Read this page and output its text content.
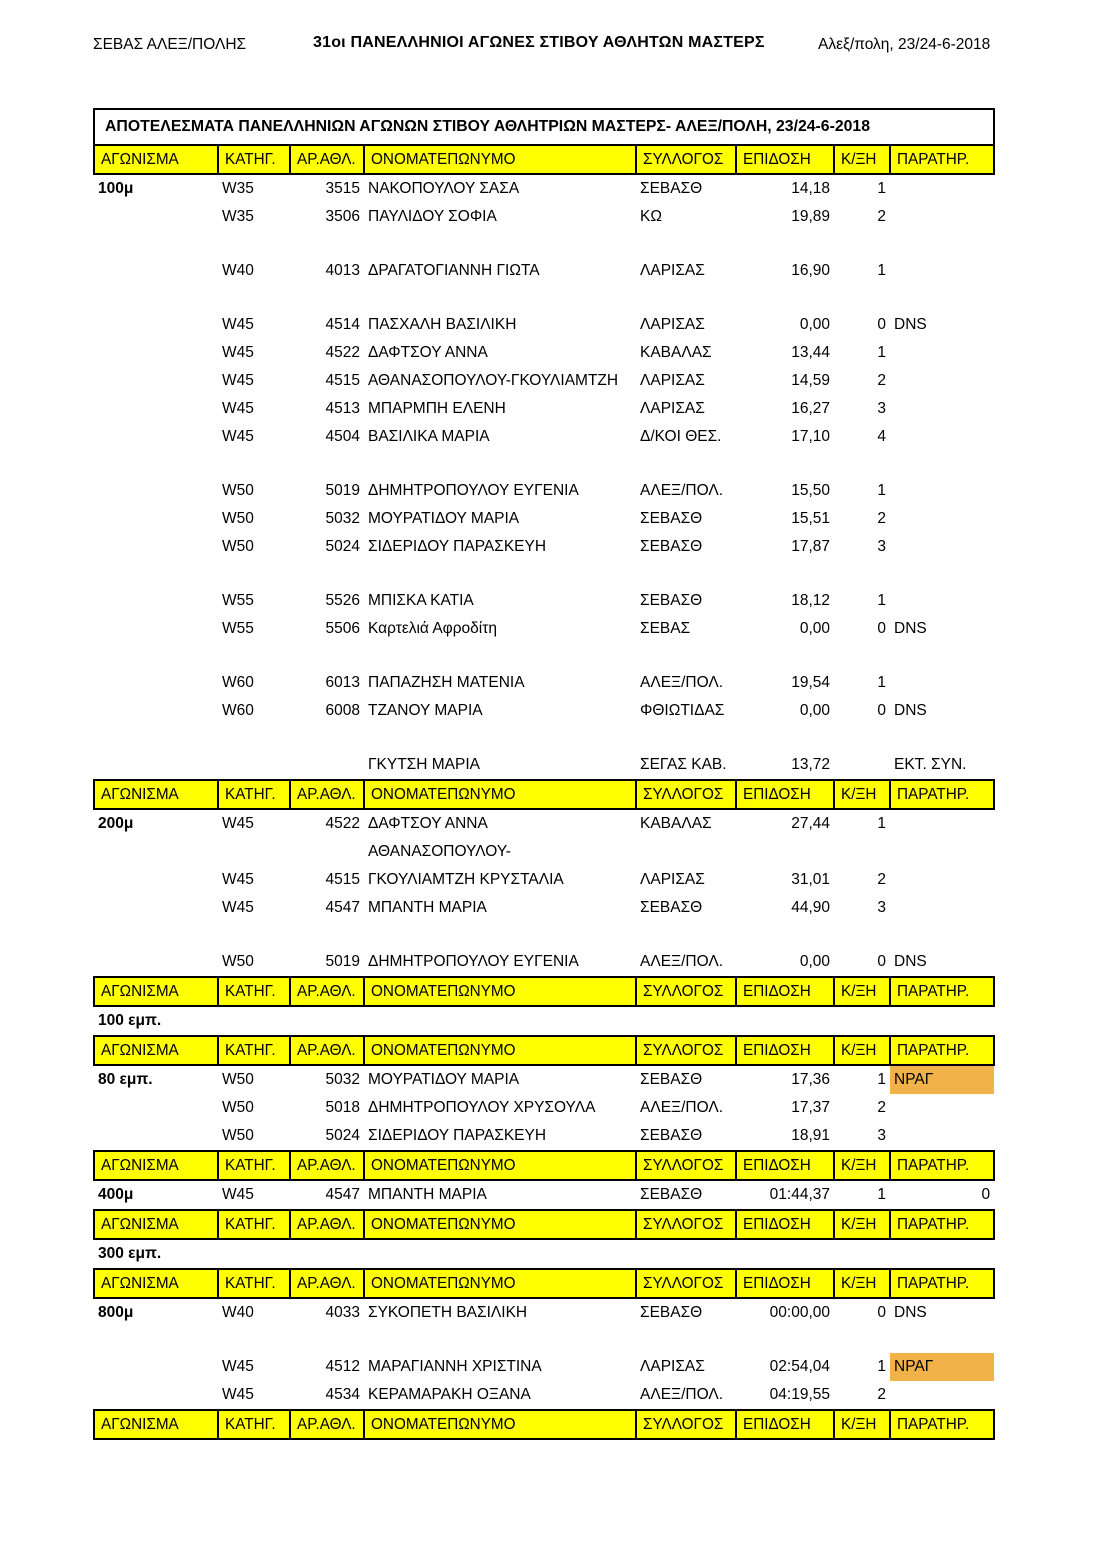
ΣΕΒΑΣ ΑΛΕΞ/ΠΟΛΗΣ	31οι ΠΑΝΕΛΛΗΝΙΟΙ ΑΓΩΝΕΣ ΣΤΙΒΟΥ ΑΘΛΗΤΩΝ ΜΑΣΤΕΡΣ	Αλεξ/πολη, 23/24-6-2018
ΑΠΟΤΕΛΕΣΜΑΤΑ ΠΑΝΕΛΛΗΝΙΩΝ ΑΓΩΝΩΝ ΣΤΙΒΟΥ ΑΘΛΗΤΡΙΩΝ ΜΑΣΤΕΡΣ- ΑΛΕΞ/ΠΟΛΗ, 23/24-6-2018							
ΑΓΩΝΙΣΜΑ	ΚΑΤΗΓ.	ΑΡ.ΑΘΛ.	ΟΝΟΜΑΤΕΠΩΝΥΜΟ	ΣΥΛΛΟΓΟΣ	ΕΠΙΔΟΣΗ	Κ/ΞΗ	ΠΑΡΑΤΗΡ.
100μ	W35	3515	ΝΑΚΟΠΟΥΛΟΥ ΣΑΣΑ	ΣΕΒΑΣΘ	14,18	1	
	W35	3506	ΠΑΥΛΙΔΟΥ ΣΟΦΙΑ	ΚΩ	19,89	2	

	W40	4013	ΔΡΑΓΑΤΟΓΙΑΝΝΗ ΓΙΩΤΑ	ΛΑΡΙΣΑΣ	16,90	1	

	W45	4514	ΠΑΣΧΑΛΗ ΒΑΣΙΛΙΚΗ	ΛΑΡΙΣΑΣ	0,00	0	DNS
	W45	4522	ΔΑΦΤΣΟΥ ΑΝΝΑ	ΚΑΒΑΛΑΣ	13,44	1	
	W45	4515	ΑΘΑΝΑΣΟΠΟΥΛΟΥ-ΓΚΟΥΛΙΑΜΤΖΗ	ΛΑΡΙΣΑΣ	14,59	2	
	W45	4513	ΜΠΑΡΜΠΗ ΕΛΕΝΗ	ΛΑΡΙΣΑΣ	16,27	3	
	W45	4504	ΒΑΣΙΛΙΚΑ ΜΑΡΙΑ	Δ/ΚΟΙ ΘΕΣ.	17,10	4	

	W50	5019	ΔΗΜΗΤΡΟΠΟΥΛΟΥ ΕΥΓΕΝΙΑ	ΑΛΕΞ/ΠΟΛ.	15,50	1	
	W50	5032	ΜΟΥΡΑΤΙΔΟΥ ΜΑΡΙΑ	ΣΕΒΑΣΘ	15,51	2	
	W50	5024	ΣΙΔΕΡΙΔΟΥ ΠΑΡΑΣΚΕΥΗ	ΣΕΒΑΣΘ	17,87	3	

	W55	5526	ΜΠΙΣΚΑ ΚΑΤΙΑ	ΣΕΒΑΣΘ	18,12	1	
	W55	5506	Καρτελιά Αφροδίτη	ΣΕΒΑΣ	0,00	0	DNS

	W60	6013	ΠΑΠΑΖΗΣΗ ΜΑΤΕΝΙΑ	ΑΛΕΞ/ΠΟΛ.	19,54	1	
	W60	6008	ΤΖΑΝΟΥ ΜΑΡΙΑ	ΦΘΙΩΤΙΔΑΣ	0,00	0	DNS

			ΓΚΥΤΣΗ ΜΑΡΙΑ	ΣΕΓΑΣ ΚΑΒ.	13,72		ΕΚΤ. ΣΥΝ.
ΑΓΩΝΙΣΜΑ	ΚΑΤΗΓ.	ΑΡ.ΑΘΛ.	ΟΝΟΜΑΤΕΠΩΝΥΜΟ	ΣΥΛΛΟΓΟΣ	ΕΠΙΔΟΣΗ	Κ/ΞΗ	ΠΑΡΑΤΗΡ.
200μ	W45	4522	ΔΑΦΤΣΟΥ ΑΝΝΑ	ΚΑΒΑΛΑΣ	27,44	1	
			ΑΘΑΝΑΣΟΠΟΥΛΟΥ-				
	W45	4515	ΓΚΟΥΛΙΑΜΤΖΗ ΚΡΥΣΤΑΛΙΑ	ΛΑΡΙΣΑΣ	31,01	2	
	W45	4547	ΜΠΑΝΤΗ ΜΑΡΙΑ	ΣΕΒΑΣΘ	44,90	3	

	W50	5019	ΔΗΜΗΤΡΟΠΟΥΛΟΥ ΕΥΓΕΝΙΑ	ΑΛΕΞ/ΠΟΛ.	0,00	0	DNS
ΑΓΩΝΙΣΜΑ	ΚΑΤΗΓ.	ΑΡ.ΑΘΛ.	ΟΝΟΜΑΤΕΠΩΝΥΜΟ	ΣΥΛΛΟΓΟΣ	ΕΠΙΔΟΣΗ	Κ/ΞΗ	ΠΑΡΑΤΗΡ.
100 εμπ.							
ΑΓΩΝΙΣΜΑ	ΚΑΤΗΓ.	ΑΡ.ΑΘΛ.	ΟΝΟΜΑΤΕΠΩΝΥΜΟ	ΣΥΛΛΟΓΟΣ	ΕΠΙΔΟΣΗ	Κ/ΞΗ	ΠΑΡΑΤΗΡ.
80 εμπ.	W50	5032	ΜΟΥΡΑΤΙΔΟΥ ΜΑΡΙΑ	ΣΕΒΑΣΘ	17,36	1	ΝΡΑΓ
	W50	5018	ΔΗΜΗΤΡΟΠΟΥΛΟΥ ΧΡΥΣΟΥΛΑ	ΑΛΕΞ/ΠΟΛ.	17,37	2	
	W50	5024	ΣΙΔΕΡΙΔΟΥ ΠΑΡΑΣΚΕΥΗ	ΣΕΒΑΣΘ	18,91	3	
ΑΓΩΝΙΣΜΑ	ΚΑΤΗΓ.	ΑΡ.ΑΘΛ.	ΟΝΟΜΑΤΕΠΩΝΥΜΟ	ΣΥΛΛΟΓΟΣ	ΕΠΙΔΟΣΗ	Κ/ΞΗ	ΠΑΡΑΤΗΡ.
400μ	W45	4547	ΜΠΑΝΤΗ ΜΑΡΙΑ	ΣΕΒΑΣΘ	01:44,37	1	0
ΑΓΩΝΙΣΜΑ	ΚΑΤΗΓ.	ΑΡ.ΑΘΛ.	ΟΝΟΜΑΤΕΠΩΝΥΜΟ	ΣΥΛΛΟΓΟΣ	ΕΠΙΔΟΣΗ	Κ/ΞΗ	ΠΑΡΑΤΗΡ.
300 εμπ.							
ΑΓΩΝΙΣΜΑ	ΚΑΤΗΓ.	ΑΡ.ΑΘΛ.	ΟΝΟΜΑΤΕΠΩΝΥΜΟ	ΣΥΛΛΟΓΟΣ	ΕΠΙΔΟΣΗ	Κ/ΞΗ	ΠΑΡΑΤΗΡ.
800μ	W40	4033	ΣΥΚΟΠΕΤΗ ΒΑΣΙΛΙΚΗ	ΣΕΒΑΣΘ	00:00,00	0	DNS

	W45	4512	ΜΑΡΑΓΙΑΝΝΗ ΧΡΙΣΤΙΝΑ	ΛΑΡΙΣΑΣ	02:54,04	1	ΝΡΑΓ
	W45	4534	ΚΕΡΑΜΑΡΑΚΗ ΟΞΑΝΑ	ΑΛΕΞ/ΠΟΛ.	04:19,55	2	
ΑΓΩΝΙΣΜΑ	ΚΑΤΗΓ.	ΑΡ.ΑΘΛ.	ΟΝΟΜΑΤΕΠΩΝΥΜΟ	ΣΥΛΛΟΓΟΣ	ΕΠΙΔΟΣΗ	Κ/ΞΗ	ΠΑΡΑΤΗΡ.
